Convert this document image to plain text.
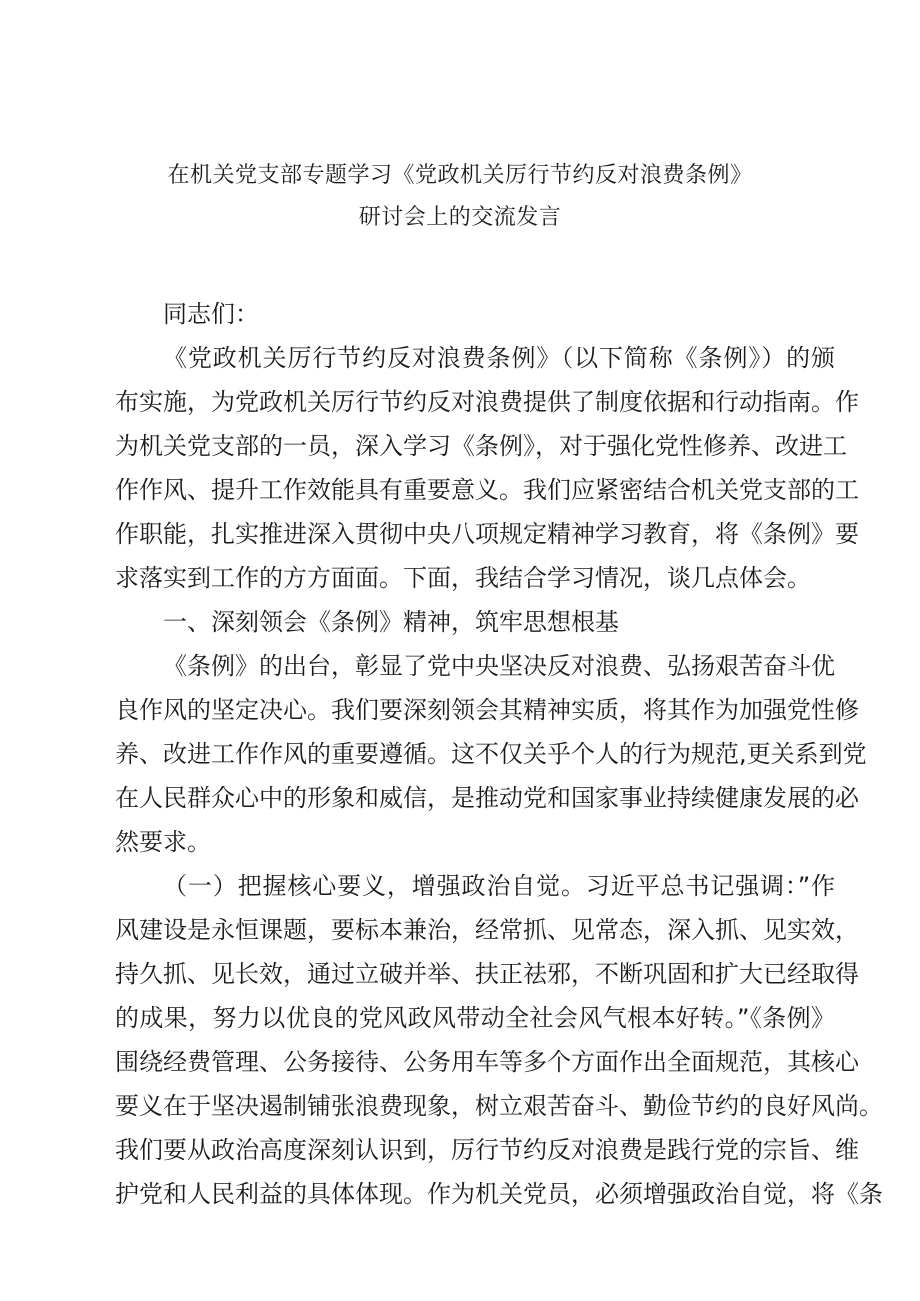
在机关党支部专题学习《党政机关厉行节约反对浪费条例》
研讨会上的交流发言
同志们：
《党政机关厉行节约反对浪费条例》（以下简称《条例》）的颁
布实施，为党政机关厉行节约反对浪费提供了制度依据和行动指南。作
为机关党支部的一员，深入学习《条例》，对于强化党性修养、改进工
作作风、提升工作效能具有重要意义。我们应紧密结合机关党支部的工
作职能，扎实推进深入贯彻中央八项规定精神学习教育，将《条例》要
求落实到工作的方方面面。下面，我结合学习情况，谈几点体会。
一、深刻领会《条例》精神，筑牢思想根基
《条例》的出台，彰显了党中央坚决反对浪费、弘扬艰苦奋斗优
良作风的坚定决心。我们要深刻领会其精神实质，将其作为加强党性修
养、改进工作作风的重要遵循。这不仅关乎个人的行为规范,更关系到党
在人民群众心中的形象和威信，是推动党和国家事业持续健康发展的必
然要求。
（一）把握核心要义，增强政治自觉。习近平总书记强调：”作
风建设是永恒课题，要标本兼治，经常抓、见常态，深入抓、见实效，
持久抓、见长效，通过立破并举、扶正祛邪，不断巩固和扩大已经取得
的成果，努力以优良的党风政风带动全社会风气根本好转。”《条例》
围绕经费管理、公务接待、公务用车等多个方面作出全面规范，其核心
要义在于坚决遏制铺张浪费现象，树立艰苦奋斗、勤俭节约的良好风尚。
我们要从政治高度深刻认识到，厉行节约反对浪费是践行党的宗旨、维
护党和人民利益的具体体现。作为机关党员，必须增强政治自觉，将《条
